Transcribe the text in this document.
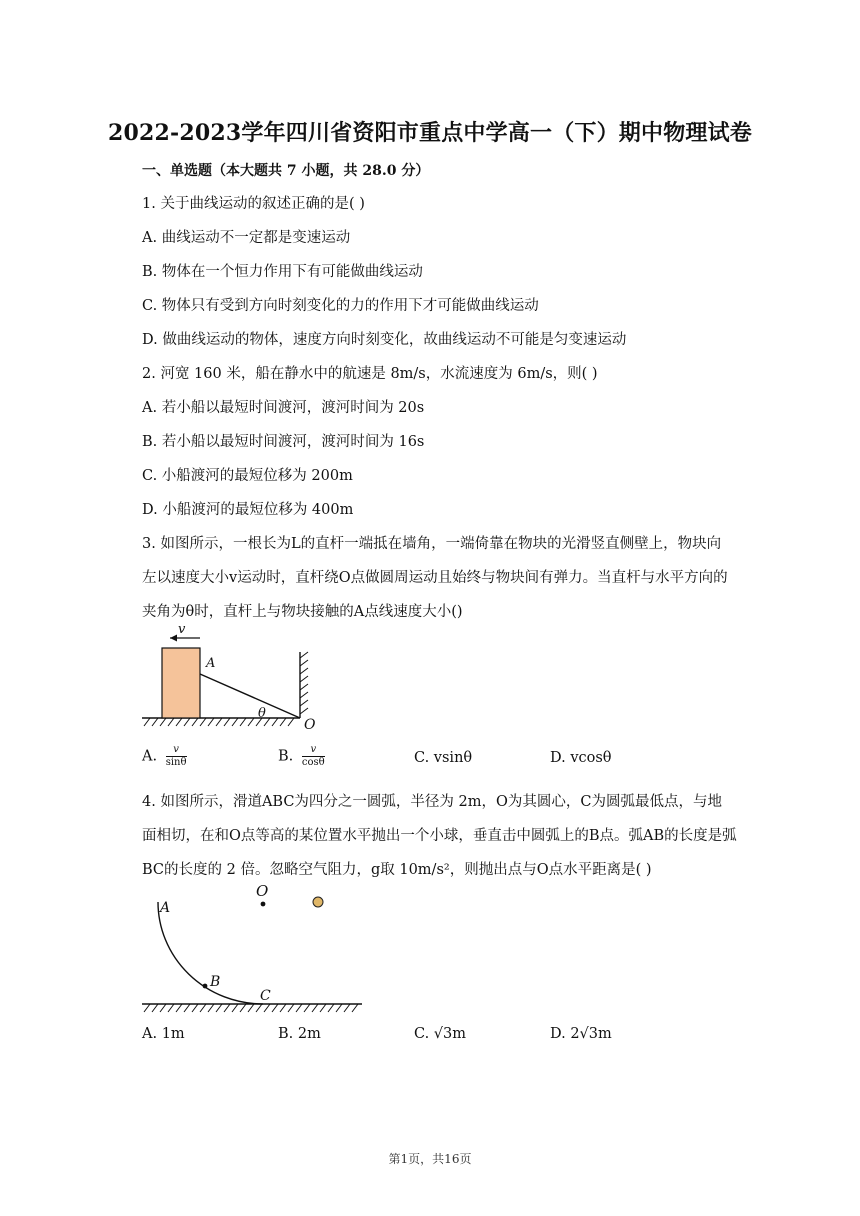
2022-2023学年四川省资阳市重点中学高一（下）期中物理试卷
一、单选题（本大题共 7 小题，共 28.0 分）
1. 关于曲线运动的叙述正确的是( )
A. 曲线运动不一定都是变速运动
B. 物体在一个恒力作用下有可能做曲线运动
C. 物体只有受到方向时刻变化的力的作用下才可能做曲线运动
D. 做曲线运动的物体，速度方向时刻变化，故曲线运动不可能是匀变速运动
2. 河宽 160 米，船在静水中的航速是 8m/s，水流速度为 6m/s，则( )
A. 若小船以最短时间渡河，渡河时间为 20s
B. 若小船以最短时间渡河，渡河时间为 16s
C. 小船渡河的最短位移为 200m
D. 小船渡河的最短位移为 400m
3. 如图所示，一根长为L的直杆一端抵在墙角，一端倚靠在物块的光滑竖直侧壁上，物块向
左以速度大小v运动时，直杆绕O点做圆周运动且始终与物块间有弹力。当直杆与水平方向的
夹角为θ时，直杆上与物块接触的A点线速度大小()
v
A
θ
O
A. $\frac{v}{\sin\theta}$	B. $\frac{v}{\cos\theta}$	C. vsinθ	D. vcosθ
4. 如图所示，滑道ABC为四分之一圆弧，半径为 2m，O为其圆心，C为圆弧最低点，与地
面相切，在和O点等高的某位置水平抛出一个小球，垂直击中圆弧上的B点。弧AB的长度是弧
BC的长度的 2 倍。忽略空气阻力，g取 10m/s²，则抛出点与O点水平距离是( )
O
A
B
C
A. 1m	B. 2m	C. √3m	D. 2√3m
第1页，共16页
